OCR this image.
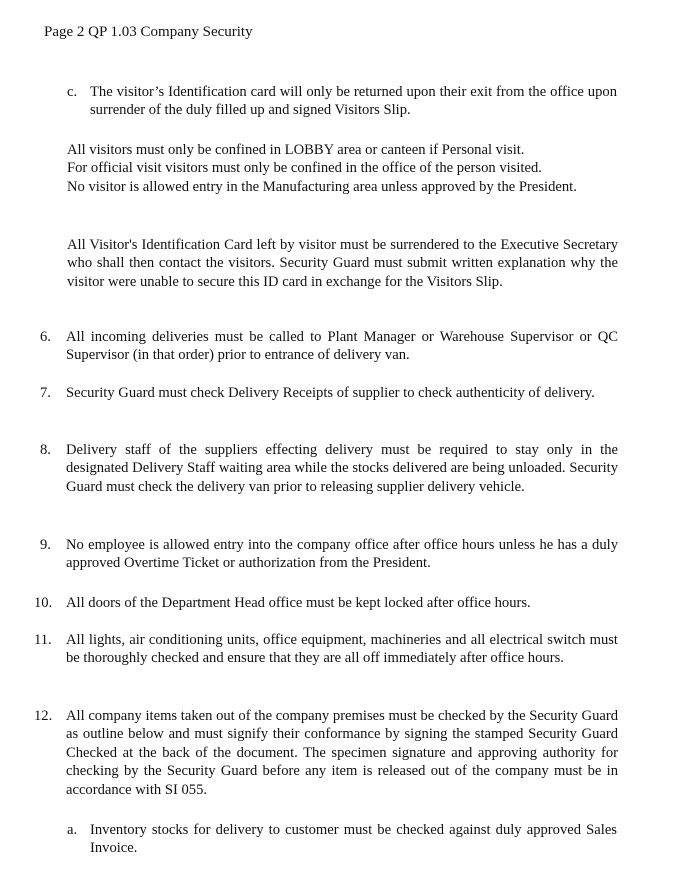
Page 2 QP 1.03 Company Security
c. The visitor’s Identification card will only be returned upon their exit from the office upon surrender of the duly filled up and signed Visitors Slip.
All visitors must only be confined in LOBBY area or canteen if Personal visit.
For official visit visitors must only be confined in the office of the person visited.
No visitor is allowed entry in the Manufacturing area unless approved by the President.
All Visitor's Identification Card left by visitor must be surrendered to the Executive Secretary who shall then contact the visitors. Security Guard must submit written explanation why the visitor were unable to secure this ID card in exchange for the Visitors Slip.
6. All incoming deliveries must be called to Plant Manager or Warehouse Supervisor or QC Supervisor (in that order) prior to entrance of delivery van.
7. Security Guard must check Delivery Receipts of supplier to check authenticity of delivery.
8. Delivery staff of the suppliers effecting delivery must be required to stay only in the designated Delivery Staff waiting area while the stocks delivered are being unloaded. Security Guard must check the delivery van prior to releasing supplier delivery vehicle.
9. No employee is allowed entry into the company office after office hours unless he has a duly approved Overtime Ticket or authorization from the President.
10. All doors of the Department Head office must be kept locked after office hours.
11. All lights, air conditioning units, office equipment, machineries and all electrical switch must be thoroughly checked and ensure that they are all off immediately after office hours.
12. All company items taken out of the company premises must be checked by the Security Guard as outline below and must signify their conformance by signing the stamped Security Guard Checked at the back of the document. The specimen signature and approving authority for checking by the Security Guard before any item is released out of the company must be in accordance with SI 055.
a. Inventory stocks for delivery to customer must be checked against duly approved Sales Invoice.
